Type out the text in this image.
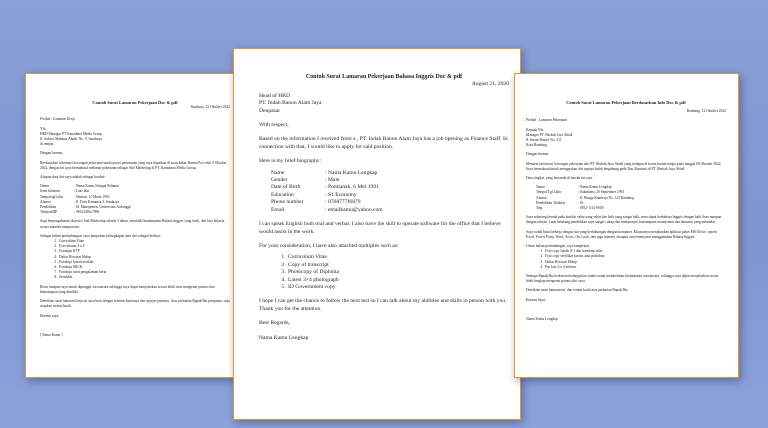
Contoh Surat Lamaran Pekerjaan Doc & pdf

Surabaya, 12 Oktober 2022

Perihal : Lamaran Kerja

Yth.

HRD Manager PT Kanadima Media Group

Jl. Sukses Makmur Abadi. No. 9, Surabaya

di tempat

Dengan hormat,

Berdasarkan informasi lowongan pekerjaan untuk posisi pemasaran yang saya dapatkan di surat kabar Harian Pos edisi 9 Oktober 2022, dengan ini saya bermaksud melamar pekerjaan sebagai Staf Marketing di PT. Kanadima Media Group.

Adapun data diri saya adalah sebagai berikut:

Nama	: Nama Kamu Sebagai Pelamar
Jenis kelamin	: Laki-laki
Tempat/tgl lahir	: Sleman, 11 Maret 1992
Alamat	: Jl. Putri Kenanisa 5, Surabaya
Pendidikan	: S1 Manajemen, Universitas Airlangga
Telepon/HP	: 08123456x7890

Saya berpengalaman di posisi Staf Marketing selama 3 tahun, memiliki kemampuan Bahasa Inggris yang fasih, dan bisa bekerja secara mandiri maupun tim.

Sebagai bahan pertimbangan, saya lampirkan kelengkapan data diri sebagai berikut:

1. Curriculum Vitae
2. Foto ukuran 3 x 4
3. Fotokopi KTP
4. Daftar Riwayat Hidup
5. Fotokopi Ijazah terakhir
6. Fotokopi SKCK
7. Fotokopi surat pengalaman kerja
8. Sertifikat

Besar harapan saya untuk dipanggil wawancara sehingga saya dapat menjelaskan secara lebih rinci mengenai potensi dan kemampuan yang dimiliki.

Demikian surat lamaran kerja ini saya buat dengan sebenar-benarnya dan sejujur-jujurnya. Atas perhatian Bapak/Ibu pimpinan, saya ucapkan terima kasih.

Hormat saya,

( Nama Kamu )

Contoh Surat Lamaran Pekerjaan Bahasa Inggris Doc & pdf

August 21, 2020

Head of HRD

PT. Indah Banon Alam Jaya

Denpasar

With respect,

Based on the information I received from a , PT. Indah Banon Alam Jaya has a job opening as Finance Staff. In connection with that, I would like to apply for said position.

Here is my brief biography:

Name	: Nama Kamu Lengkap
Gender	: Male
Date of Birth	: Pontianak, 6 Mei 1991
Education	: S1 Economy
Phone number	: 0768777f6879
Email	: emailkamu@yahoo.com

I can speak English both oral and verbal. I also have the skill to operate software for the office that I believe would assist in the work.

For your consideration, I have also attached multiples such as:

1. Curriculum Vitae
2. Copy of transcript
3. Photocopy of Diploma
4. Latest 3×4 photograph
5. ID Government copy

I hope I can get the chance to follow the next test so I can talk about my abilities and skills in person with you.

Thank you for the attention.

Best Regards,

Nama Kamu Lengkap

Contoh Surat Lamaran Pekerjaan Berdasarkan Info Doc & pdf

Bandung, 12 Oktober 2022

Perihal : Lamaran Pekerjaan

Kepada Yth:

Manager PT. Berkah Jaya Abadi

Jl. Imam Bonjol No. 211

Kota Bandung

Dengan hormat,

Menurut informasi lowongan pekerjaan dari PT. Berkah Jaya Abadi yang terdapat di koran harian tempo pada tanggal 08 Oktober 2022. Saya bermaksud untuk mengajukan diri supaya boleh bergabung pada Tim Akuntasi di PT. Berkah Jaya Abadi.

Data singkat, yang bertanda di bawah ini saya :

Nama	: Nama Kamu Lengkap
Tempat/Tgl Lahir	: Sukabumi, 20 September 1991
Alamat	: Jl. Bunga Kamboja No. 123 Bandung
Pendidikan Terakhir	: S1
Telp.	: 0812-1114-0000

Saya sekarang berada pada kondisi sehat yang sehat dan fisik yang sangat baik, serta dapat berbahasa Inggris dengan baik lisan maupun dengan tulisan. Latar belakang pendidikan saya sangat cukup dan mempunyai kemampuan manajemen dan akuntasi yang memadai.

Saya sudah biasa bekerja dengan hal yang berhubungan dengan komputer. Khususnya menjalankan aplikasi paket MS Office, seperti Excel, Power Point, Word, Acces, Ost Look, dan juga internet, ataupun sarat-menyusut menggunakan Bahasa Inggris.

Untuk bahan pertimbangan, saya lampirkan :

1. Foto copy Ijazah S-1 dan transkrip nilai.
2. Foto copy sertifikat kursus atau pelatihan
3. Daftar Riwayat Hidup
4. Pas foto 3 x 4 terbaru.

Semoga Bapak/Ibu berkenan melangsikan waktu untuk memberikan kesempatan wawancara, sehingga saya dapat menjelaskan secara lebih lengkap mengenai potensi diri saya.

Demikian surat lamaran ini, dan terima kasih atas perhatian Bapak/Ibu.

Hormat Saya,

Nama Kamu Lengkap
